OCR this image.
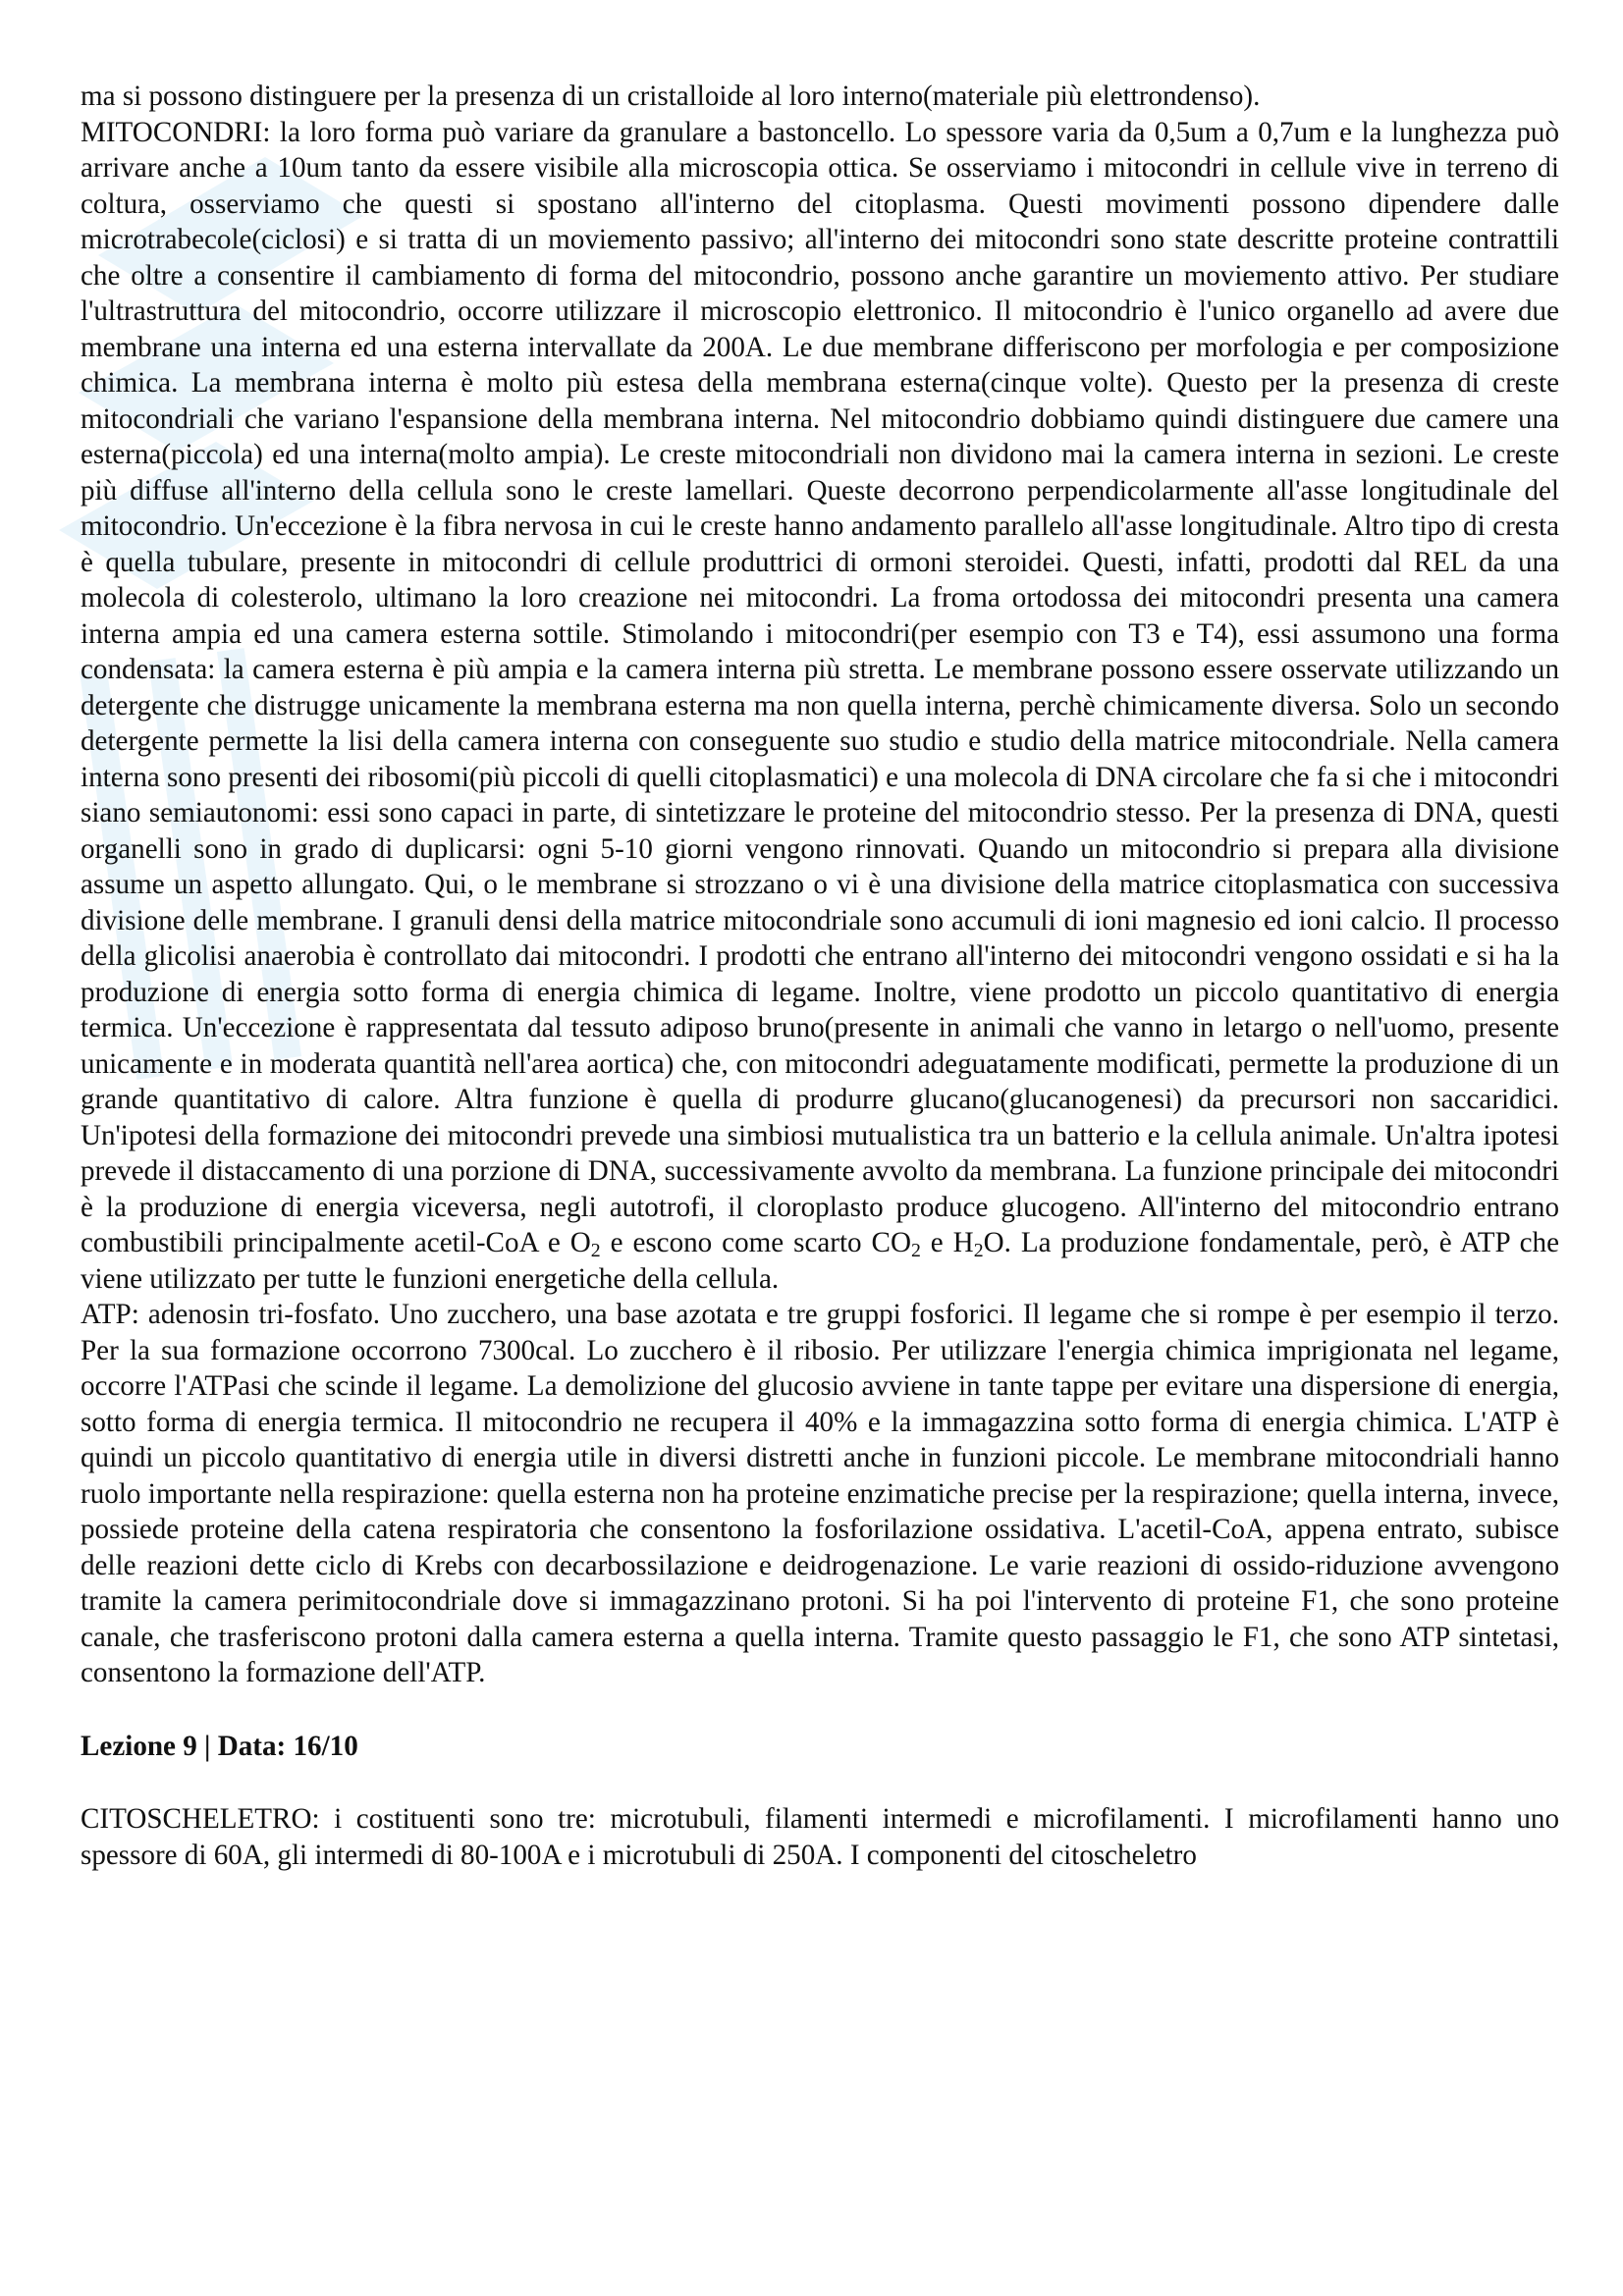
ma si possono distinguere per la presenza di un cristalloide al loro interno(materiale più elettrondenso).

MITOCONDRI: la loro forma può variare da granulare a bastoncello. Lo spessore varia da 0,5um a 0,7um e la lunghezza può arrivare anche a 10um tanto da essere visibile alla microscopia ottica. Se osserviamo i mitocondri in cellule vive in terreno di coltura, osserviamo che questi si spostano all'interno del citoplasma. Questi movimenti possono dipendere dalle microtrabecole(ciclosi) e si tratta di un moviemento passivo; all'interno dei mitocondri sono state descritte proteine contrattili che oltre a consentire il cambiamento di forma del mitocondrio, possono anche garantire un moviemento attivo. Per studiare l'ultrastruttura del mitocondrio, occorre utilizzare il microscopio elettronico. Il mitocondrio è l'unico organello ad avere due membrane una interna ed una esterna intervallate da 200A. Le due membrane differiscono per morfologia e per composizione chimica. La membrana interna è molto più estesa della membrana esterna(cinque volte). Questo per la presenza di creste mitocondriali che variano l'espansione della membrana interna. Nel mitocondrio dobbiamo quindi distinguere due camere una esterna(piccola) ed una interna(molto ampia). Le creste mitocondriali non dividono mai la camera interna in sezioni. Le creste più diffuse all'interno della cellula sono le creste lamellari. Queste decorrono perpendicolarmente all'asse longitudinale del mitocondrio. Un'eccezione è la fibra nervosa in cui le creste hanno andamento parallelo all'asse longitudinale. Altro tipo di cresta è quella tubulare, presente in mitocondri di cellule produttrici di ormoni steroidei. Questi, infatti, prodotti dal REL da una molecola di colesterolo, ultimano la loro creazione nei mitocondri. La froma ortodossa dei mitocondri presenta una camera interna ampia ed una camera esterna sottile. Stimolando i mitocondri(per esempio con T3 e T4), essi assumono una forma condensata: la camera esterna è più ampia e la camera interna più stretta. Le membrane possono essere osservate utilizzando un detergente che distrugge unicamente la membrana esterna ma non quella interna, perchè chimicamente diversa. Solo un secondo detergente permette la lisi della camera interna con conseguente suo studio e studio della matrice mitocondriale. Nella camera interna sono presenti dei ribosomi(più piccoli di quelli citoplasmatici) e una molecola di DNA circolare che fa si che i mitocondri siano semiautonomi: essi sono capaci in parte, di sintetizzare le proteine del mitocondrio stesso. Per la presenza di DNA, questi organelli sono in grado di duplicarsi: ogni 5-10 giorni vengono rinnovati. Quando un mitocondrio si prepara alla divisione assume un aspetto allungato. Qui, o le membrane si strozzano o vi è una divisione della matrice citoplasmatica con successiva divisione delle membrane. I granuli densi della matrice mitocondriale sono accumuli di ioni magnesio ed ioni calcio. Il processo della glicolisi anaerobia è controllato dai mitocondri. I prodotti che entrano all'interno dei mitocondri vengono ossidati e si ha la produzione di energia sotto forma di energia chimica di legame. Inoltre, viene prodotto un piccolo quantitativo di energia termica. Un'eccezione è rappresentata dal tessuto adiposo bruno(presente in animali che vanno in letargo o nell'uomo, presente unicamente e in moderata quantità nell'area aortica) che, con mitocondri adeguatamente modificati, permette la produzione di un grande quantitativo di calore. Altra funzione è quella di produrre glucano(glucanogenesi) da precursori non saccaridici. Un'ipotesi della formazione dei mitocondri prevede una simbiosi mutualistica tra un batterio e la cellula animale. Un'altra ipotesi prevede il distaccamento di una porzione di DNA, successivamente avvolto da membrana. La funzione principale dei mitocondri è la produzione di energia viceversa, negli autotrofi, il cloroplasto produce glucogeno. All'interno del mitocondrio entrano combustibili principalmente acetil-CoA e $O_2$ e escono come scarto $CO_2$ e $H_2O$. La produzione fondamentale, però, è ATP che viene utilizzato per tutte le funzioni energetiche della cellula.

ATP: adenosin tri-fosfato. Uno zucchero, una base azotata e tre gruppi fosforici. Il legame che si rompe è per esempio il terzo. Per la sua formazione occorrono 7300cal. Lo zucchero è il ribosio. Per utilizzare l'energia chimica imprigionata nel legame, occorre l'ATPasi che scinde il legame. La demolizione del glucosio avviene in tante tappe per evitare una dispersione di energia, sotto forma di energia termica. Il mitocondrio ne recupera il 40% e la immagazzina sotto forma di energia chimica. L'ATP è quindi un piccolo quantitativo di energia utile in diversi distretti anche in funzioni piccole. Le membrane mitocondriali hanno ruolo importante nella respirazione: quella esterna non ha proteine enzimatiche precise per la respirazione; quella interna, invece, possiede proteine della catena respiratoria che consentono la fosforilazione ossidativa. L'acetil-CoA, appena entrato, subisce delle reazioni dette ciclo di Krebs con decarbossilazione e deidrogenazione. Le varie reazioni di ossido-riduzione avvengono tramite la camera perimitocondriale dove si immagazzinano protoni. Si ha poi l'intervento di proteine F1, che sono proteine canale, che trasferiscono protoni dalla camera esterna a quella interna. Tramite questo passaggio le F1, che sono ATP sintetasi, consentono la formazione dell'ATP.

Lezione 9 | Data: 16/10

CITOSCHELETRO: i costituenti sono tre: microtubuli, filamenti intermedi e microfilamenti. I microfilamenti hanno uno spessore di 60A, gli intermedi di 80-100A e i microtubuli di 250A. I componenti del citoscheletro
